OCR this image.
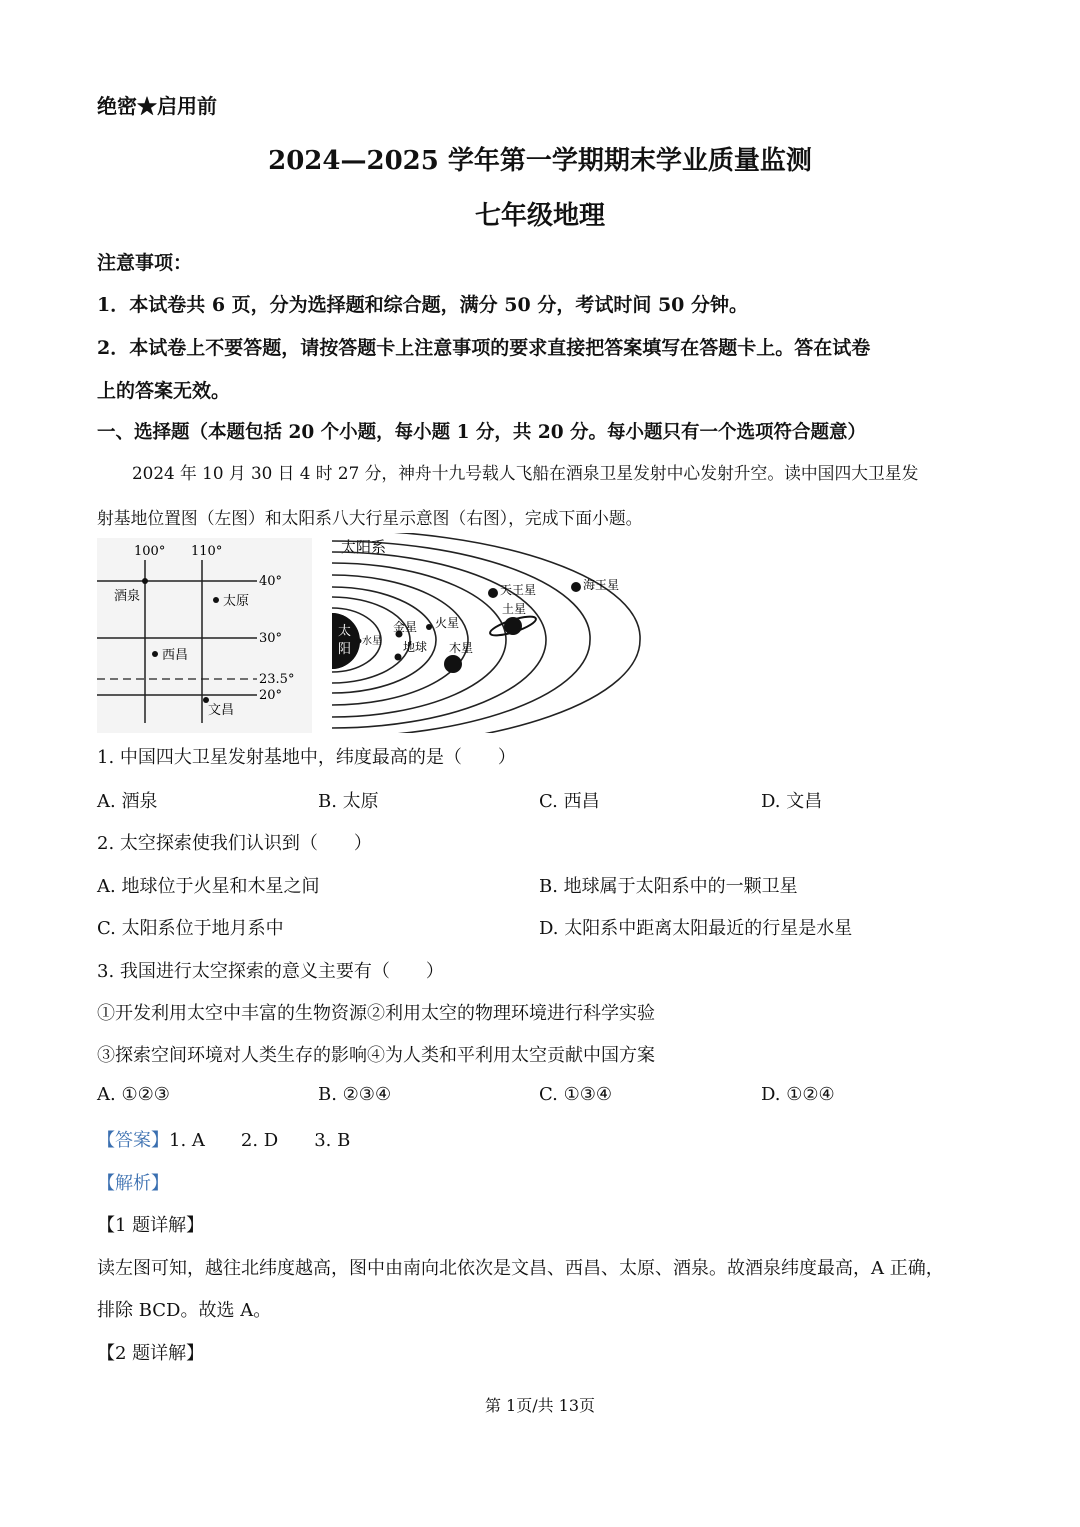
绝密★启用前
2024—2025 学年第一学期期末学业质量监测
七年级地理
注意事项：
1．本试卷共 6 页，分为选择题和综合题，满分 50 分，考试时间 50 分钟。
2．本试卷上不要答题，请按答题卡上注意事项的要求直接把答案填写在答题卡上。答在试卷
上的答案无效。
一、选择题（本题包括 20 个小题，每小题 1 分，共 20 分。每小题只有一个选项符合题意）
2024 年 10 月 30 日 4 时 27 分，神舟十九号载人飞船在酒泉卫星发射中心发射升空。读中国四大卫星发
射基地位置图（左图）和太阳系八大行星示意图（右图），完成下面小题。
100° 110°
40°
30°
23.5°
20°
酒泉	太原
西昌
文昌
太阳系
太
阳
水星
金星
地球
火星
木星
土星
天王星	海王星
1. 中国四大卫星发射基地中，纬度最高的是（　　）
A. 酒泉	B. 太原	C. 西昌	D. 文昌
2. 太空探索使我们认识到（　　）
A. 地球位于火星和木星之间	B. 地球属于太阳系中的一颗卫星
C. 太阳系位于地月系中	D. 太阳系中距离太阳最近的行星是水星
3. 我国进行太空探索的意义主要有（　　）
①开发利用太空中丰富的生物资源②利用太空的物理环境进行科学实验
③探索空间环境对人类生存的影响④为人类和平利用太空贡献中国方案
A. ①②③	B. ②③④	C. ①③④	D. ①②④
【答案】1. A 2. D 3. B
【解析】
【1 题详解】
读左图可知，越往北纬度越高，图中由南向北依次是文昌、西昌、太原、酒泉。故酒泉纬度最高，A 正确，
排除 BCD。故选 A。
【2 题详解】
第 1页/共 13页
